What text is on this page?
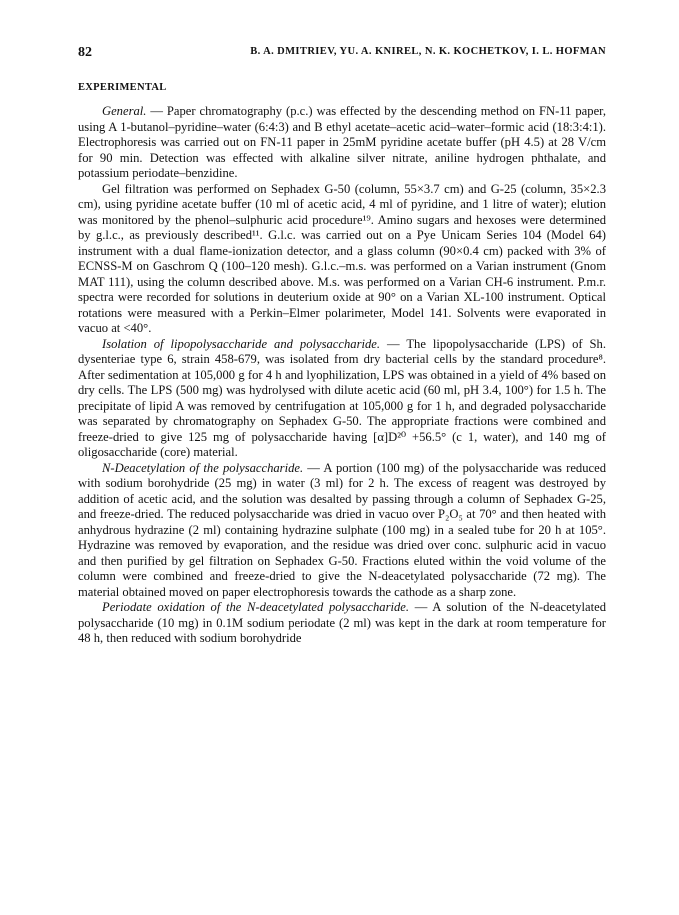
82	B. A. DMITRIEV, YU. A. KNIREL, N. K. KOCHETKOV, I. L. HOFMAN
EXPERIMENTAL

General. — Paper chromatography (p.c.) was effected by the descending method on FN-11 paper, using A 1-butanol–pyridine–water (6:4:3) and B ethyl acetate–acetic acid–water–formic acid (18:3:4:1). Electrophoresis was carried out on FN-11 paper in 25mM pyridine acetate buffer (pH 4.5) at 28 V/cm for 90 min. Detection was effected with alkaline silver nitrate, aniline hydrogen phthalate, and potassium periodate–benzidine.

Gel filtration was performed on Sephadex G-50 (column, 55×3.7 cm) and G-25 (column, 35×2.3 cm), using pyridine acetate buffer (10 ml of acetic acid, 4 ml of pyridine, and 1 litre of water); elution was monitored by the phenol–sulphuric acid procedure¹⁹. Amino sugars and hexoses were determined by g.l.c., as previously described¹¹. G.l.c. was carried out on a Pye Unicam Series 104 (Model 64) instrument with a dual flame-ionization detector, and a glass column (90×0.4 cm) packed with 3% of ECNSS-M on Gaschrom Q (100–120 mesh). G.l.c.–m.s. was performed on a Varian instrument (Gnom MAT 111), using the column described above. M.s. was performed on a Varian CH-6 instrument. P.m.r. spectra were recorded for solutions in deuterium oxide at 90° on a Varian XL-100 instrument. Optical rotations were measured with a Perkin–Elmer polarimeter, Model 141. Solvents were evaporated in vacuo at <40°.

Isolation of lipopolysaccharide and polysaccharide. — The lipopolysaccharide (LPS) of Sh. dysenteriae type 6, strain 458-679, was isolated from dry bacterial cells by the standard procedure⁸. After sedimentation at 105,000 g for 4 h and lyophilization, LPS was obtained in a yield of 4% based on dry cells. The LPS (500 mg) was hydrolysed with dilute acetic acid (60 ml, pH 3.4, 100°) for 1.5 h. The precipitate of lipid A was removed by centrifugation at 105,000 g for 1 h, and degraded polysaccharide was separated by chromatography on Sephadex G-50. The appropriate fractions were combined and freeze-dried to give 125 mg of polysaccharide having [α]D²⁰ +56.5° (c 1, water), and 140 mg of oligosaccharide (core) material.

N-Deacetylation of the polysaccharide. — A portion (100 mg) of the polysaccharide was reduced with sodium borohydride (25 mg) in water (3 ml) for 2 h. The excess of reagent was destroyed by addition of acetic acid, and the solution was desalted by passing through a column of Sephadex G-25, and freeze-dried. The reduced polysaccharide was dried in vacuo over P₂O₅ at 70° and then heated with anhydrous hydrazine (2 ml) containing hydrazine sulphate (100 mg) in a sealed tube for 20 h at 105°. Hydrazine was removed by evaporation, and the residue was dried over conc. sulphuric acid in vacuo and then purified by gel filtration on Sephadex G-50. Fractions eluted within the void volume of the column were combined and freeze-dried to give the N-deacetylated polysaccharide (72 mg). The material obtained moved on paper electrophoresis towards the cathode as a sharp zone.

Periodate oxidation of the N-deacetylated polysaccharide. — A solution of the N-deacetylated polysaccharide (10 mg) in 0.1M sodium periodate (2 ml) was kept in the dark at room temperature for 48 h, then reduced with sodium borohydride
